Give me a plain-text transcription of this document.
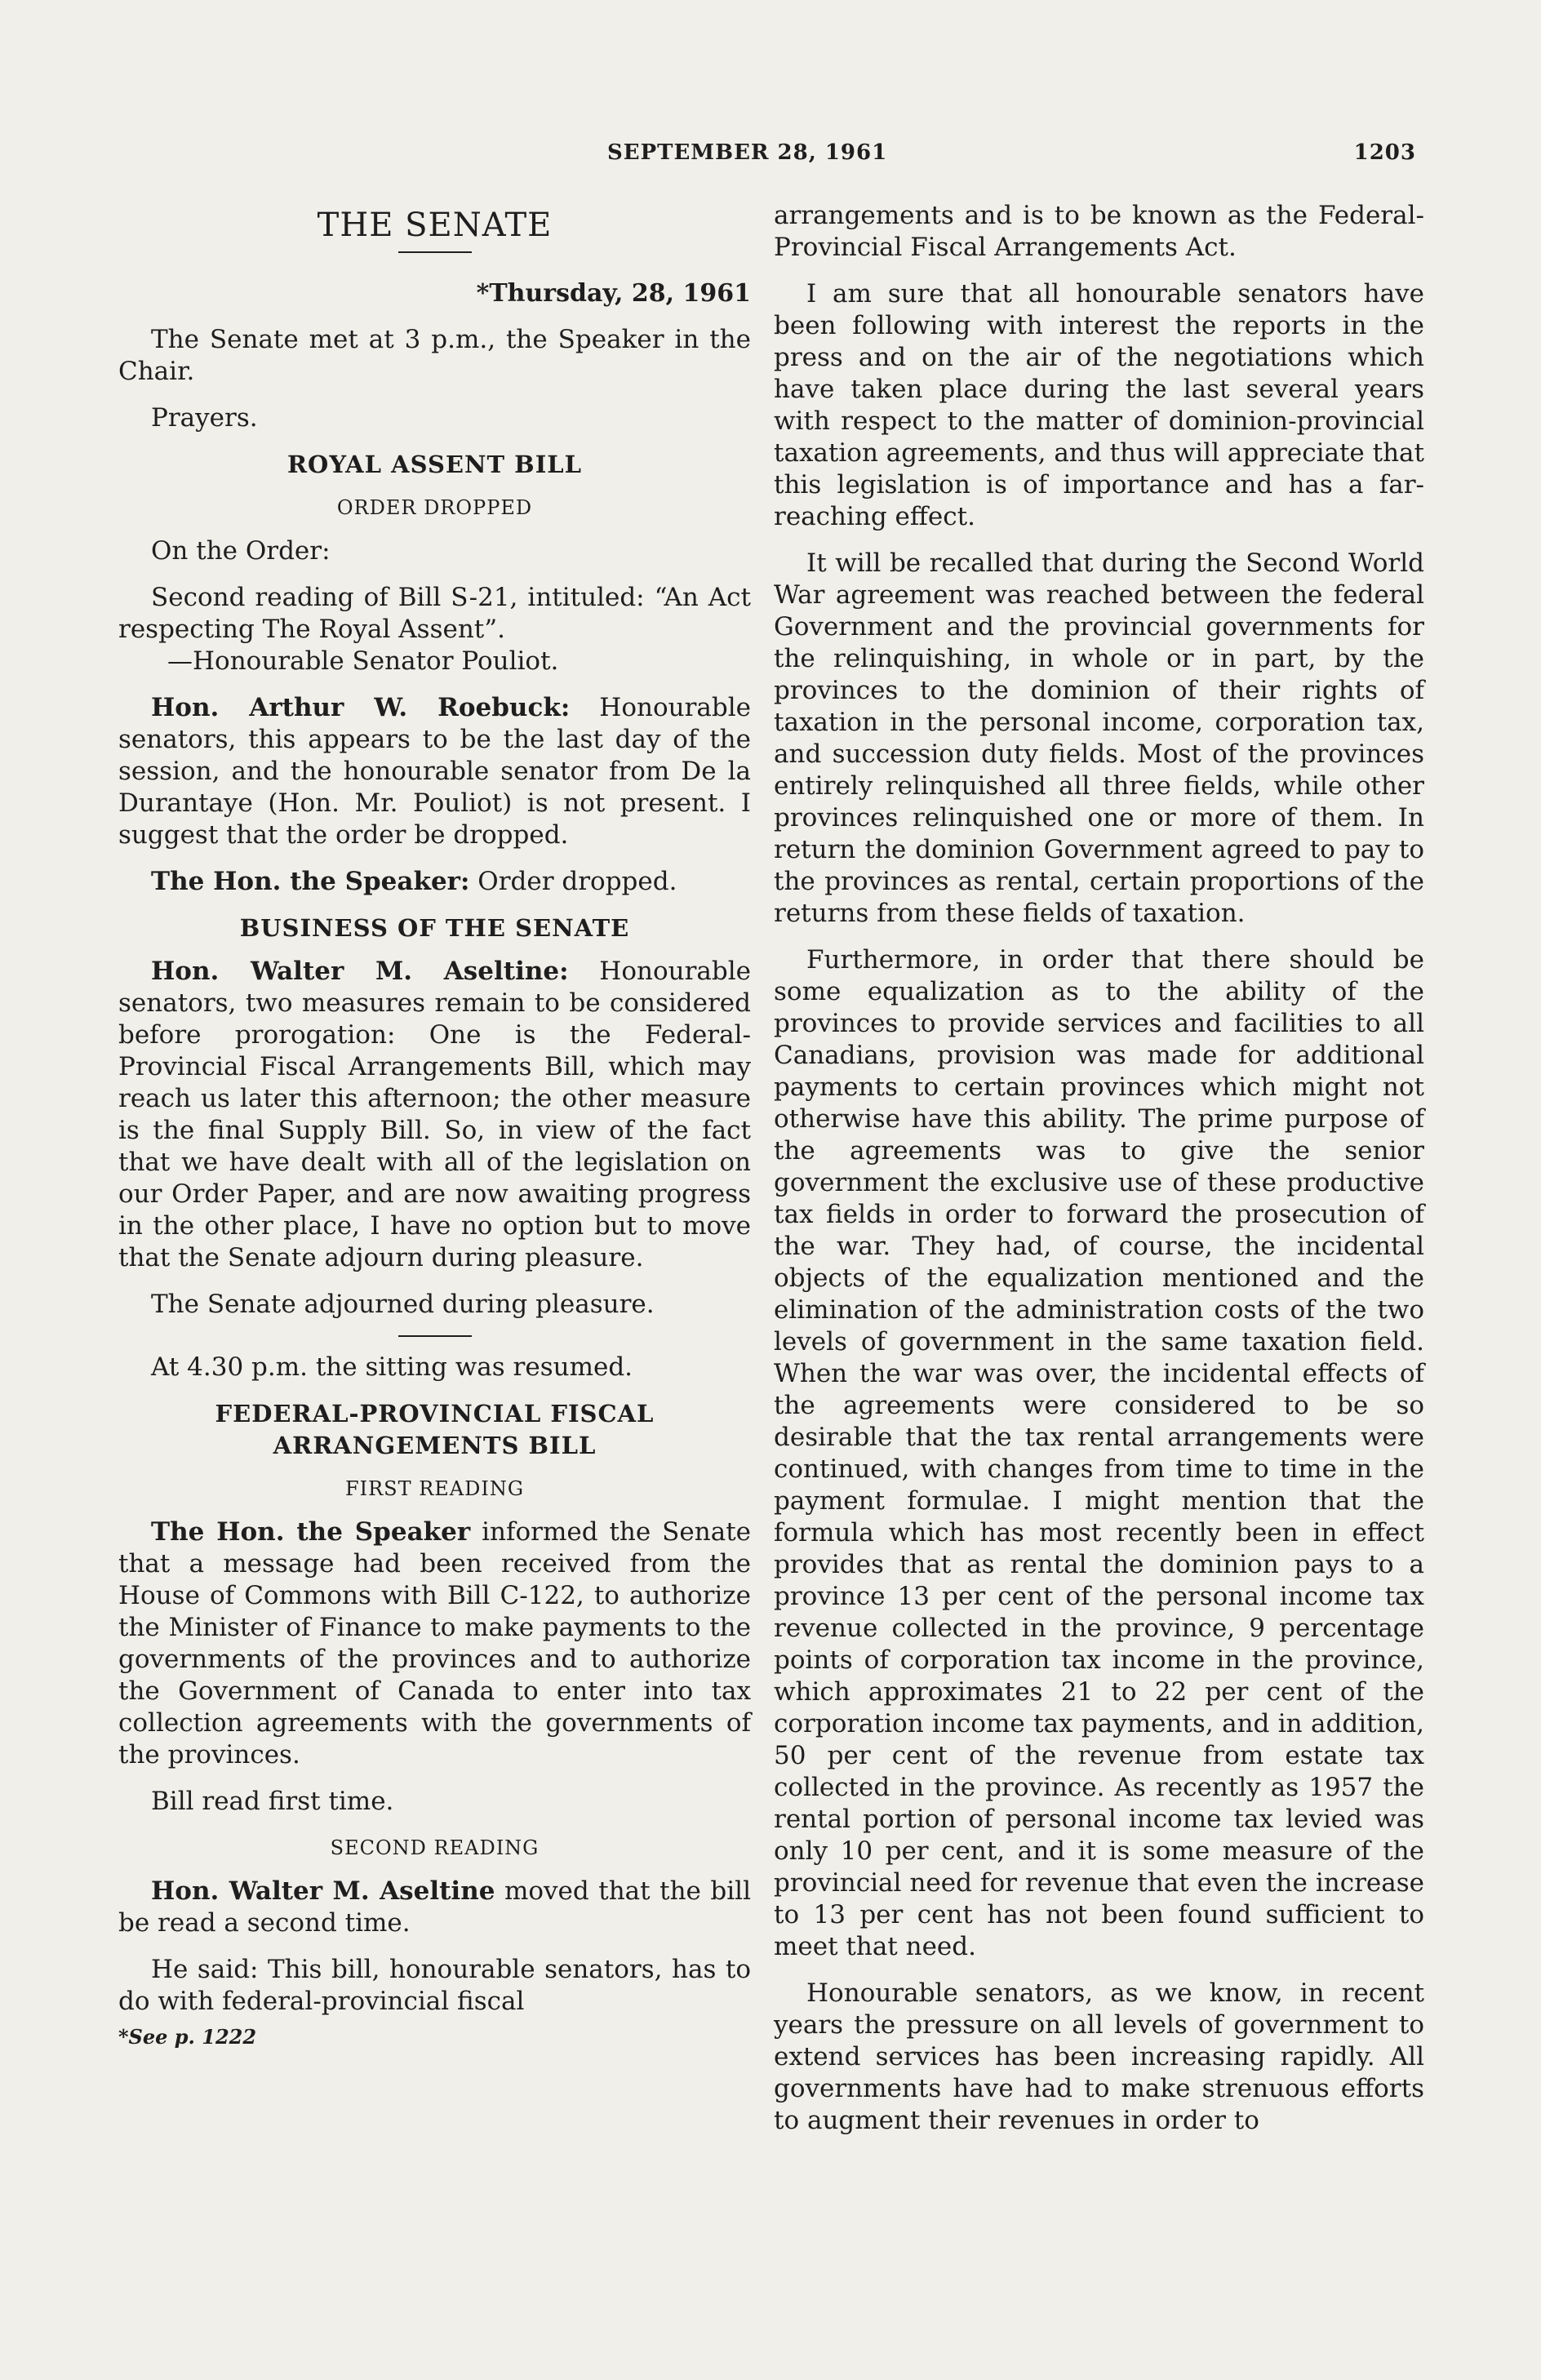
SEPTEMBER 28, 1961	1203
THE SENATE
*Thursday, 28, 1961

The Senate met at 3 p.m., the Speaker in the Chair.

Prayers.

ROYAL ASSENT BILL
ORDER DROPPED

On the Order:

Second reading of Bill S-21, intituled: “An Act respecting The Royal Assent”.
—Honourable Senator Pouliot.

Hon. Arthur W. Roebuck: Honourable senators, this appears to be the last day of the session, and the honourable senator from De la Durantaye (Hon. Mr. Pouliot) is not present. I suggest that the order be dropped.

The Hon. the Speaker: Order dropped.

BUSINESS OF THE SENATE

Hon. Walter M. Aseltine: Honourable senators, two measures remain to be considered before prorogation: One is the Federal-Provincial Fiscal Arrangements Bill, which may reach us later this afternoon; the other measure is the final Supply Bill. So, in view of the fact that we have dealt with all of the legislation on our Order Paper, and are now awaiting progress in the other place, I have no option but to move that the Senate adjourn during pleasure.

The Senate adjourned during pleasure.

At 4.30 p.m. the sitting was resumed.

FEDERAL-PROVINCIAL FISCAL
ARRANGEMENTS BILL
FIRST READING

The Hon. the Speaker informed the Senate that a message had been received from the House of Commons with Bill C-122, to authorize the Minister of Finance to make payments to the governments of the provinces and to authorize the Government of Canada to enter into tax collection agreements with the governments of the provinces.

Bill read first time.

SECOND READING

Hon. Walter M. Aseltine moved that the bill be read a second time.

He said: This bill, honourable senators, has to do with federal-provincial fiscal

*See p. 1222

arrangements and is to be known as the Federal-Provincial Fiscal Arrangements Act.

I am sure that all honourable senators have been following with interest the reports in the press and on the air of the negotiations which have taken place during the last several years with respect to the matter of dominion-provincial taxation agreements, and thus will appreciate that this legislation is of importance and has a far-reaching effect.

It will be recalled that during the Second World War agreement was reached between the federal Government and the provincial governments for the relinquishing, in whole or in part, by the provinces to the dominion of their rights of taxation in the personal income, corporation tax, and succession duty fields. Most of the provinces entirely relinquished all three fields, while other provinces relinquished one or more of them. In return the dominion Government agreed to pay to the provinces as rental, certain proportions of the returns from these fields of taxation.

Furthermore, in order that there should be some equalization as to the ability of the provinces to provide services and facilities to all Canadians, provision was made for additional payments to certain provinces which might not otherwise have this ability. The prime purpose of the agreements was to give the senior government the exclusive use of these productive tax fields in order to forward the prosecution of the war. They had, of course, the incidental objects of the equalization mentioned and the elimination of the administration costs of the two levels of government in the same taxation field. When the war was over, the incidental effects of the agreements were considered to be so desirable that the tax rental arrangements were continued, with changes from time to time in the payment formulae. I might mention that the formula which has most recently been in effect provides that as rental the dominion pays to a province 13 per cent of the personal income tax revenue collected in the province, 9 percentage points of corporation tax income in the province, which approximates 21 to 22 per cent of the corporation income tax payments, and in addition, 50 per cent of the revenue from estate tax collected in the province. As recently as 1957 the rental portion of personal income tax levied was only 10 per cent, and it is some measure of the provincial need for revenue that even the increase to 13 per cent has not been found sufficient to meet that need.

Honourable senators, as we know, in recent years the pressure on all levels of government to extend services has been increasing rapidly. All governments have had to make strenuous efforts to augment their revenues in order to
